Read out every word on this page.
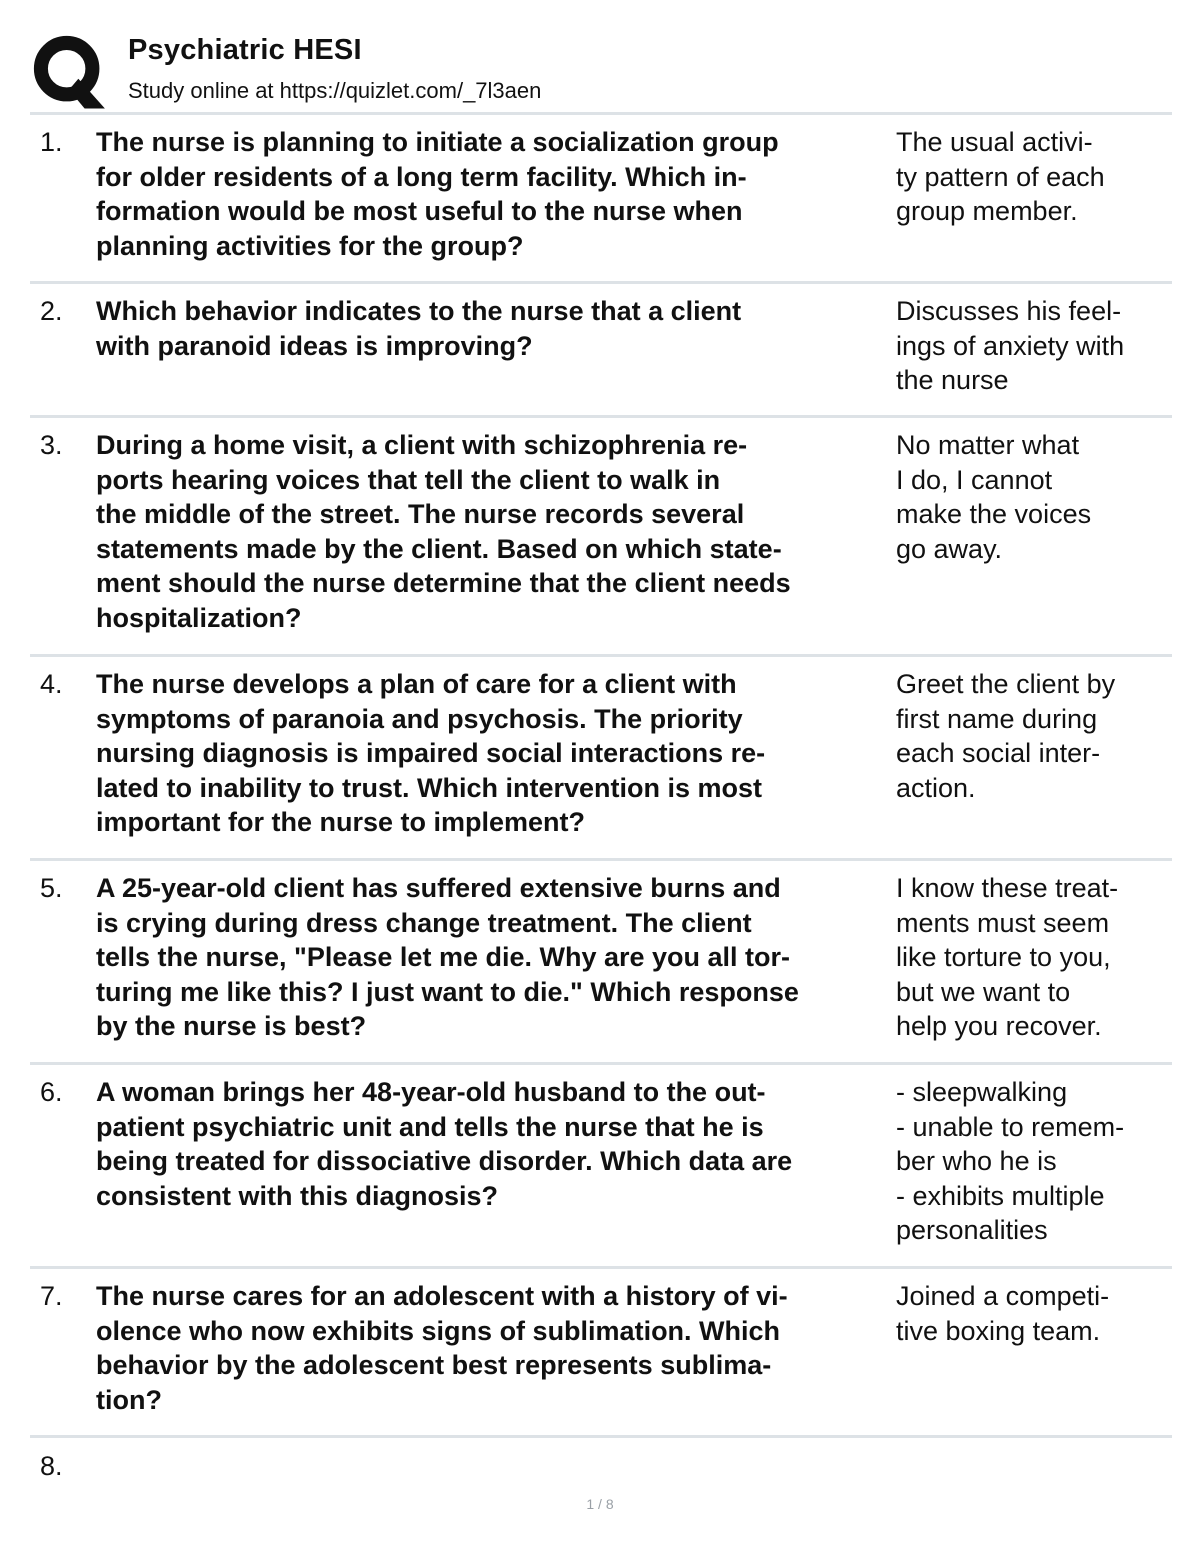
Psychiatric HESI
Study online at https://quizlet.com/_7l3aen
1. The nurse is planning to initiate a socialization group
for older residents of a long term facility. Which in-
formation would be most useful to the nurse when
planning activities for the group?
The usual activi-
ty pattern of each
group member.
2. Which behavior indicates to the nurse that a client
with paranoid ideas is improving?
Discusses his feel-
ings of anxiety with
the nurse
3. During a home visit, a client with schizophrenia re-
ports hearing voices that tell the client to walk in
the middle of the street. The nurse records several
statements made by the client. Based on which state-
ment should the nurse determine that the client needs
hospitalization?
No matter what
I do, I cannot
make the voices
go away.
4. The nurse develops a plan of care for a client with
symptoms of paranoia and psychosis. The priority
nursing diagnosis is impaired social interactions re-
lated to inability to trust. Which intervention is most
important for the nurse to implement?
Greet the client by
first name during
each social inter-
action.
5. A 25-year-old client has suffered extensive burns and
is crying during dress change treatment. The client
tells the nurse, "Please let me die. Why are you all tor-
turing me like this? I just want to die." Which response
by the nurse is best?
I know these treat-
ments must seem
like torture to you,
but we want to
help you recover.
6. A woman brings her 48-year-old husband to the out-
patient psychiatric unit and tells the nurse that he is
being treated for dissociative disorder. Which data are
consistent with this diagnosis?
- sleepwalking
- unable to remem-
ber who he is
- exhibits multiple
personalities
7. The nurse cares for an adolescent with a history of vi-
olence who now exhibits signs of sublimation. Which
behavior by the adolescent best represents sublima-
tion?
Joined a competi-
tive boxing team.
8.
1 / 8
